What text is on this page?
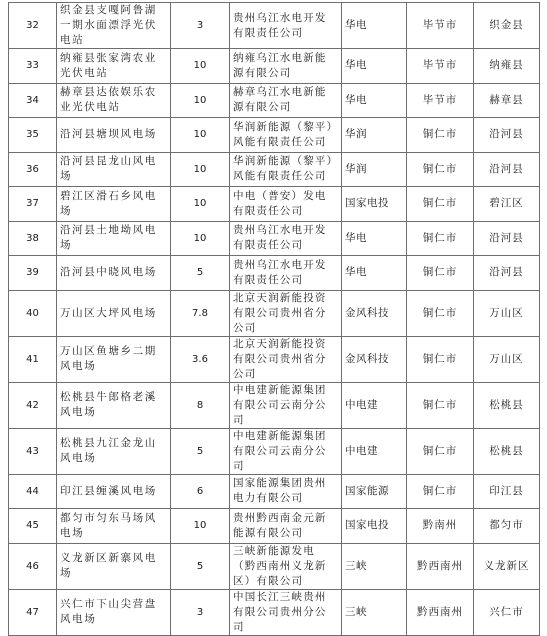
32	织金县支嘎阿鲁湖一期水面漂浮光伏电站	3	贵州乌江水电开发有限责任公司	华电	毕节市	织金县
33	纳雍县张家湾农业光伏电站	10	纳雍乌江水电新能源有限公司	华电	毕节市	纳雍县
34	赫章县达依娱乐农业光伏电站	10	赫章乌江水电新能源有限公司	华电	毕节市	赫章县
35	沿河县塘坝风电场	10	华润新能源（黎平）风能有限责任公司	华润	铜仁市	沿河县
36	沿河县昆龙山风电场	10	华润新能源（黎平）风能有限责任公司	华润	铜仁市	沿河县
37	碧江区滑石乡风电场	10	中电（普安）发电有限责任公司	国家电投	铜仁市	碧江区
38	沿河县土地坳风电场	10	贵州乌江水电开发有限责任公司	华电	铜仁市	沿河县
39	沿河县中晓风电场	5	贵州乌江水电开发有限责任公司	华电	铜仁市	沿河县
40	万山区大坪风电场	7.8	北京天润新能投资有限公司贵州省分公司	金风科技	铜仁市	万山区
41	万山区鱼塘乡二期风电场	3.6	北京天润新能投资有限公司贵州省分公司	金风科技	铜仁市	万山区
42	松桃县牛郎格老溪风电场	8	中电建新能源集团有限公司云南分公司	中电建	铜仁市	松桃县
43	松桃县九江金龙山风电场	5	中电建新能源集团有限公司云南分公司	中电建	铜仁市	松桃县
44	印江县缠溪风电场	6	国家能源集团贵州电力有限公司	国家能源	铜仁市	印江县
45	都匀市匀东马场风电场	10	贵州黔西南金元新能源有限公司	国家电投	黔南州	都匀市
46	义龙新区新寨风电场	5	三峡新能源发电（黔西南州义龙新区）有限公司	三峡	黔西南州	义龙新区
47	兴仁市下山尖营盘风电场	3	中国长江三峡贵州有限公司贵州分公司	三峡	黔西南州	兴仁市
